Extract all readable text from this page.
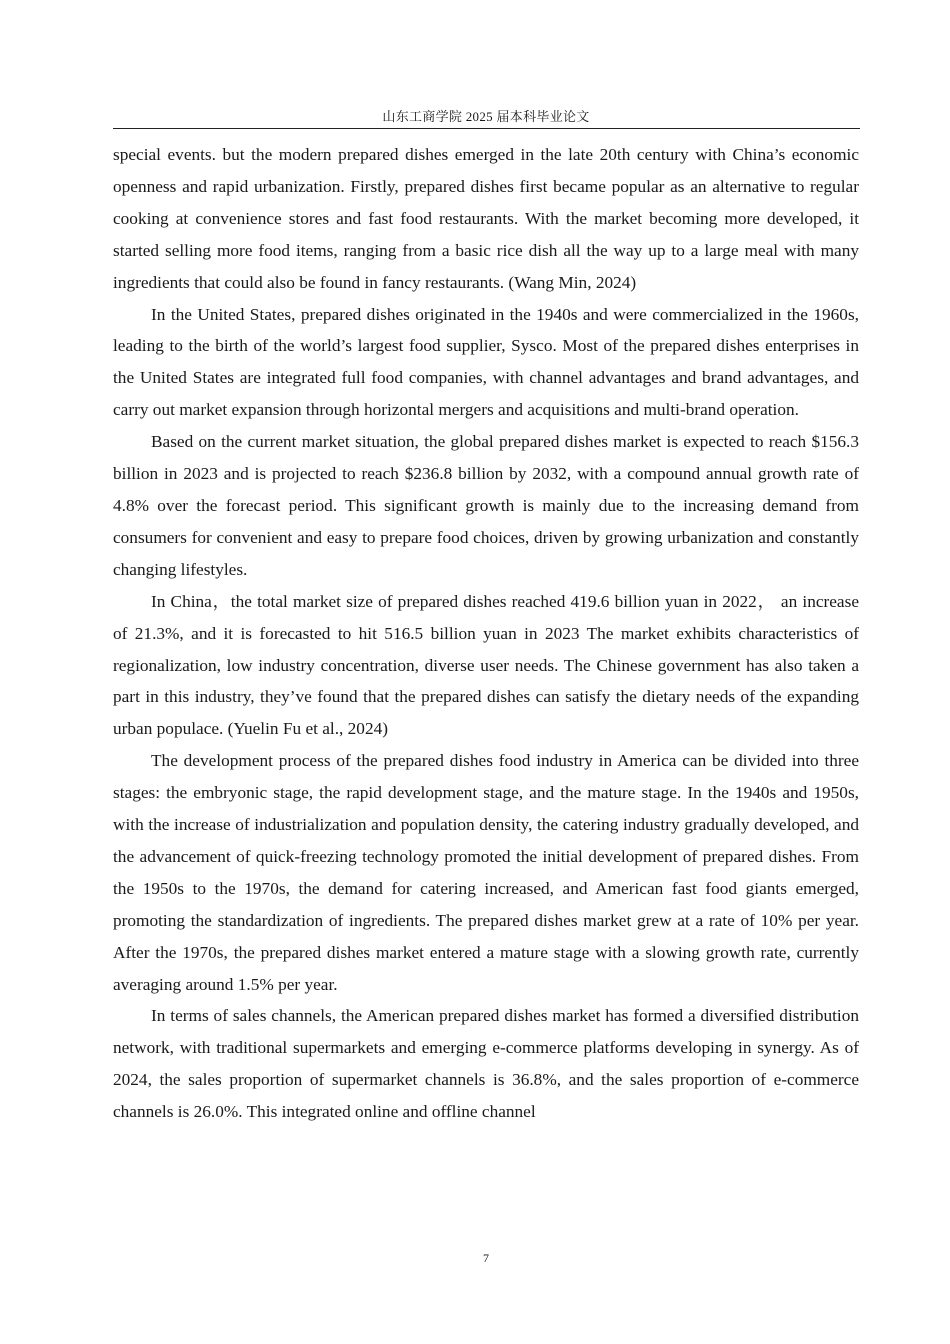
山东工商学院 2025 届本科毕业论文

special events. but the modern prepared dishes emerged in the late 20th century with China’s economic openness and rapid urbanization. Firstly, prepared dishes first became popular as an alternative to regular cooking at convenience stores and fast food restaurants. With the market becoming more developed, it started selling more food items, ranging from a basic rice dish all the way up to a large meal with many ingredients that could also be found in fancy restaurants. (Wang Min, 2024)

In the United States, prepared dishes originated in the 1940s and were commercialized in the 1960s, leading to the birth of the world’s largest food supplier, Sysco. Most of the prepared dishes enterprises in the United States are integrated full food companies, with channel advantages and brand advantages, and carry out market expansion through horizontal mergers and acquisitions and multi-brand operation.

Based on the current market situation, the global prepared dishes market is expected to reach $156.3 billion in 2023 and is projected to reach $236.8 billion by 2032, with a compound annual growth rate of 4.8% over the forecast period. This significant growth is mainly due to the increasing demand from consumers for convenient and easy to prepare food choices, driven by growing urbanization and constantly changing lifestyles.

In China，the total market size of prepared dishes reached 419.6 billion yuan in 2022， an increase of 21.3%, and it is forecasted to hit 516.5 billion yuan in 2023 The market exhibits characteristics of regionalization, low industry concentration, diverse user needs. The Chinese government has also taken a part in this industry, they’ve found that the prepared dishes can satisfy the dietary needs of the expanding urban populace. (Yuelin Fu et al., 2024)

The development process of the prepared dishes food industry in America can be divided into three stages: the embryonic stage, the rapid development stage, and the mature stage. In the 1940s and 1950s, with the increase of industrialization and population density, the catering industry gradually developed, and the advancement of quick-freezing technology promoted the initial development of prepared dishes. From the 1950s to the 1970s, the demand for catering increased, and American fast food giants emerged, promoting the standardization of ingredients. The prepared dishes market grew at a rate of 10% per year. After the 1970s, the prepared dishes market entered a mature stage with a slowing growth rate, currently averaging around 1.5% per year.

In terms of sales channels, the American prepared dishes market has formed a diversified distribution network, with traditional supermarkets and emerging e-commerce platforms developing in synergy. As of 2024, the sales proportion of supermarket channels is 36.8%, and the sales proportion of e-commerce channels is 26.0%. This integrated online and offline channel

7
